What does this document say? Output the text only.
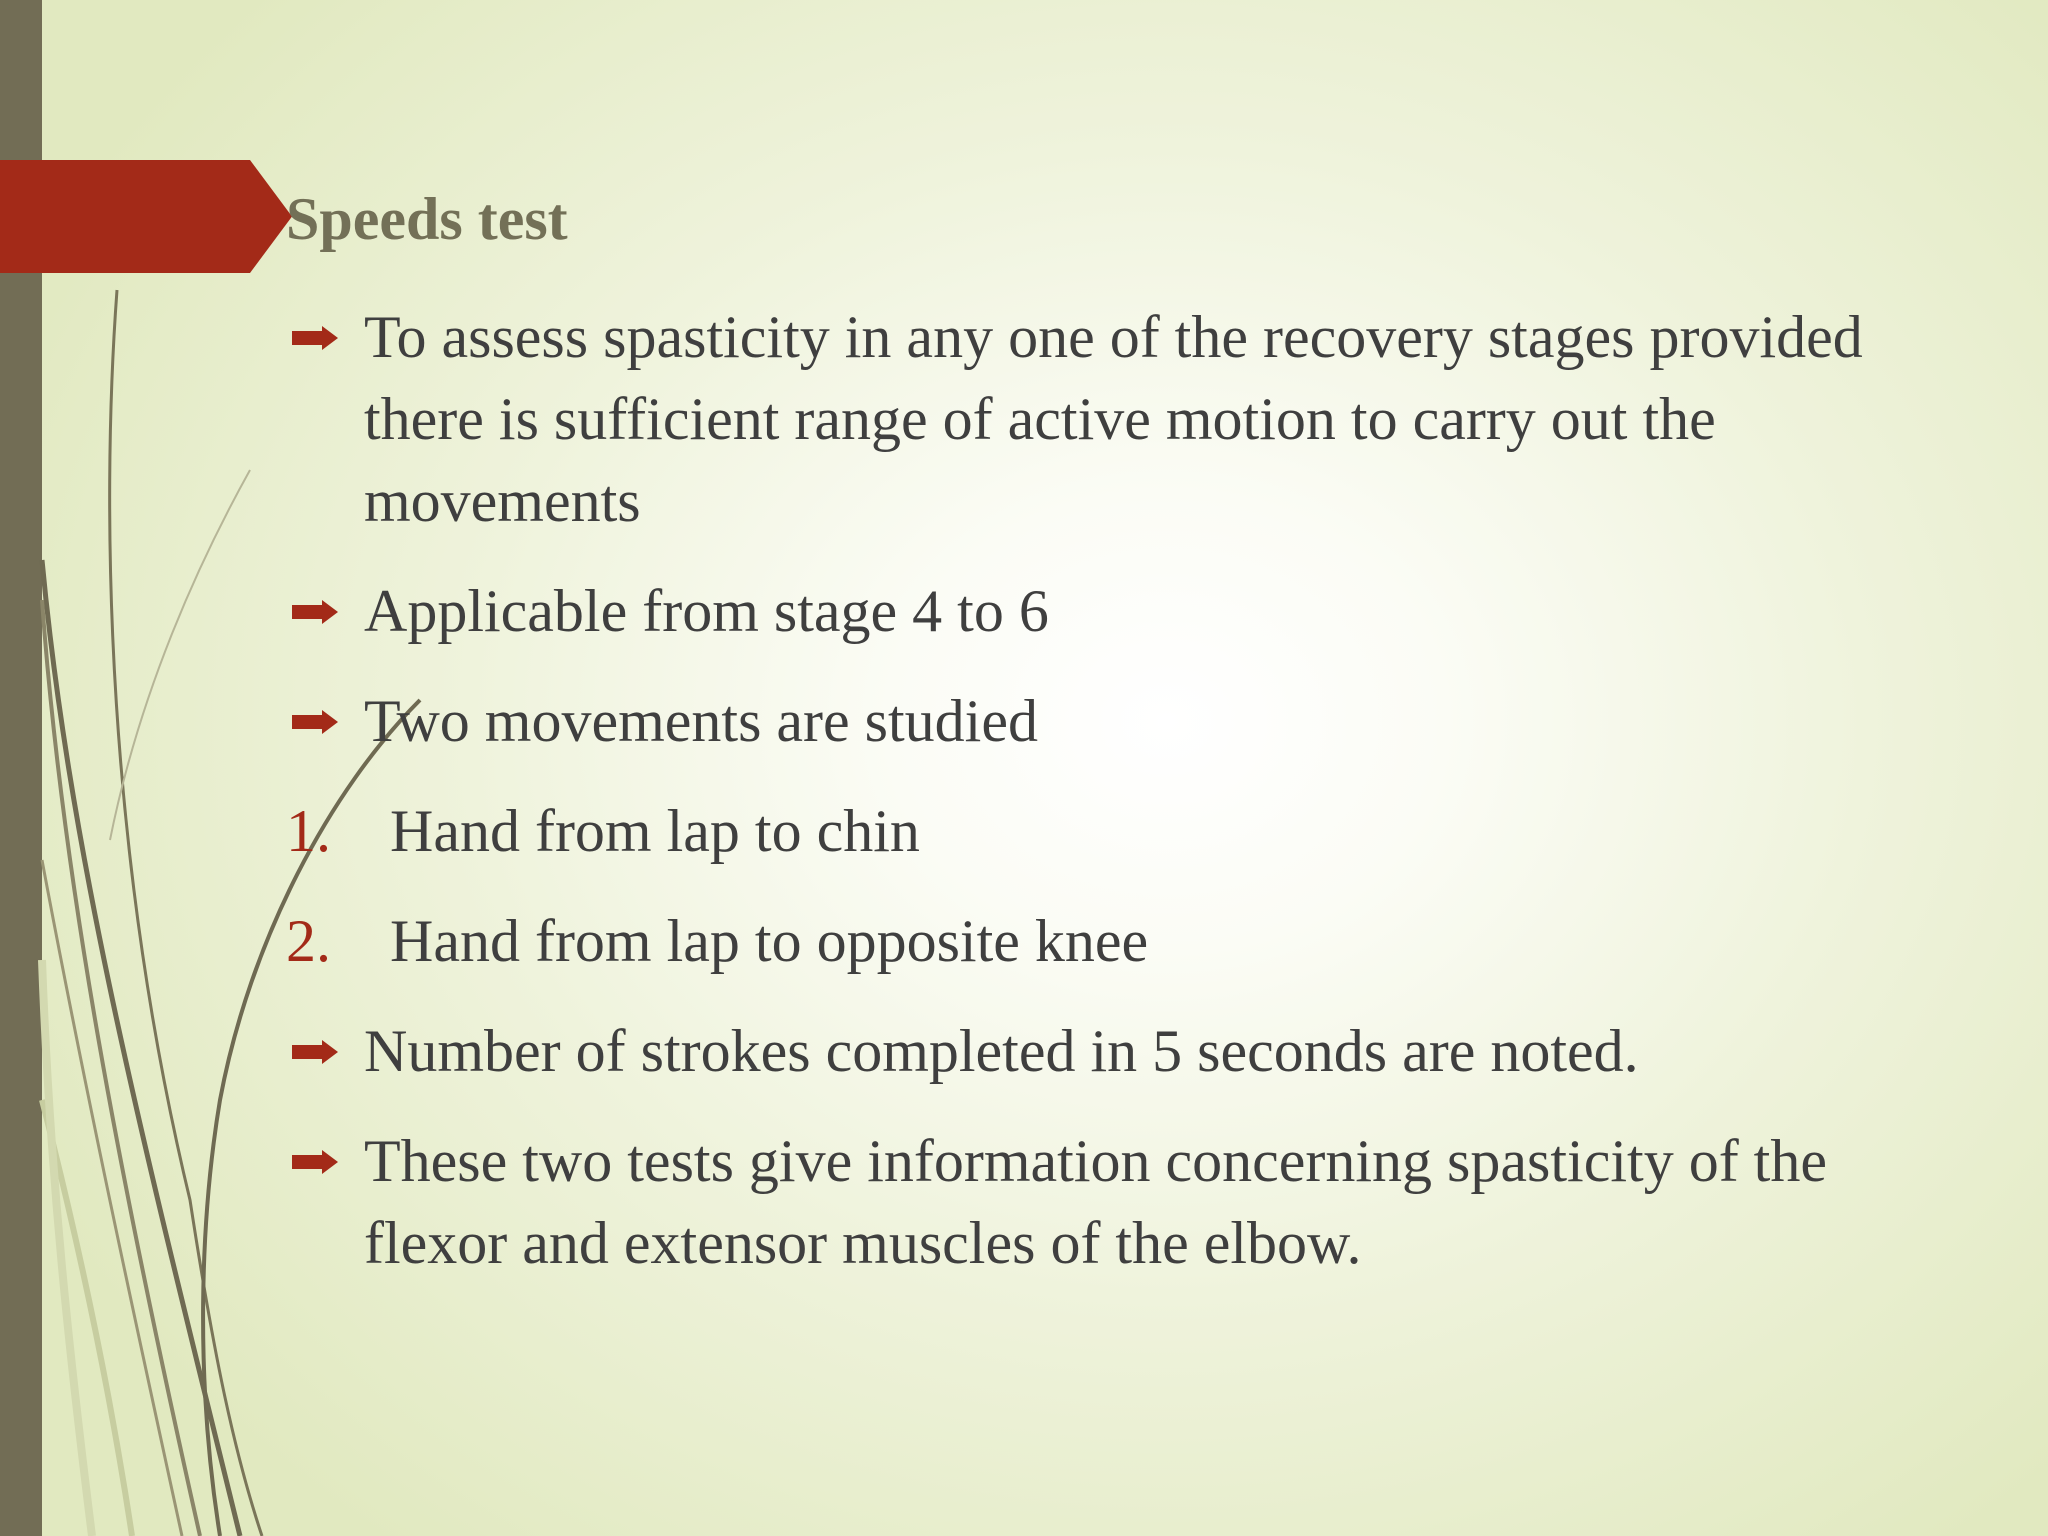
Speeds test
To assess spasticity in any one of the recovery stages provided there is sufficient range of active motion to carry out the movements
Applicable from stage 4 to 6
Two movements are studied
1. Hand from lap to chin
2. Hand from lap to opposite knee
Number of strokes completed in 5 seconds are noted.
These two tests give information concerning spasticity of the flexor and extensor muscles of the elbow.
